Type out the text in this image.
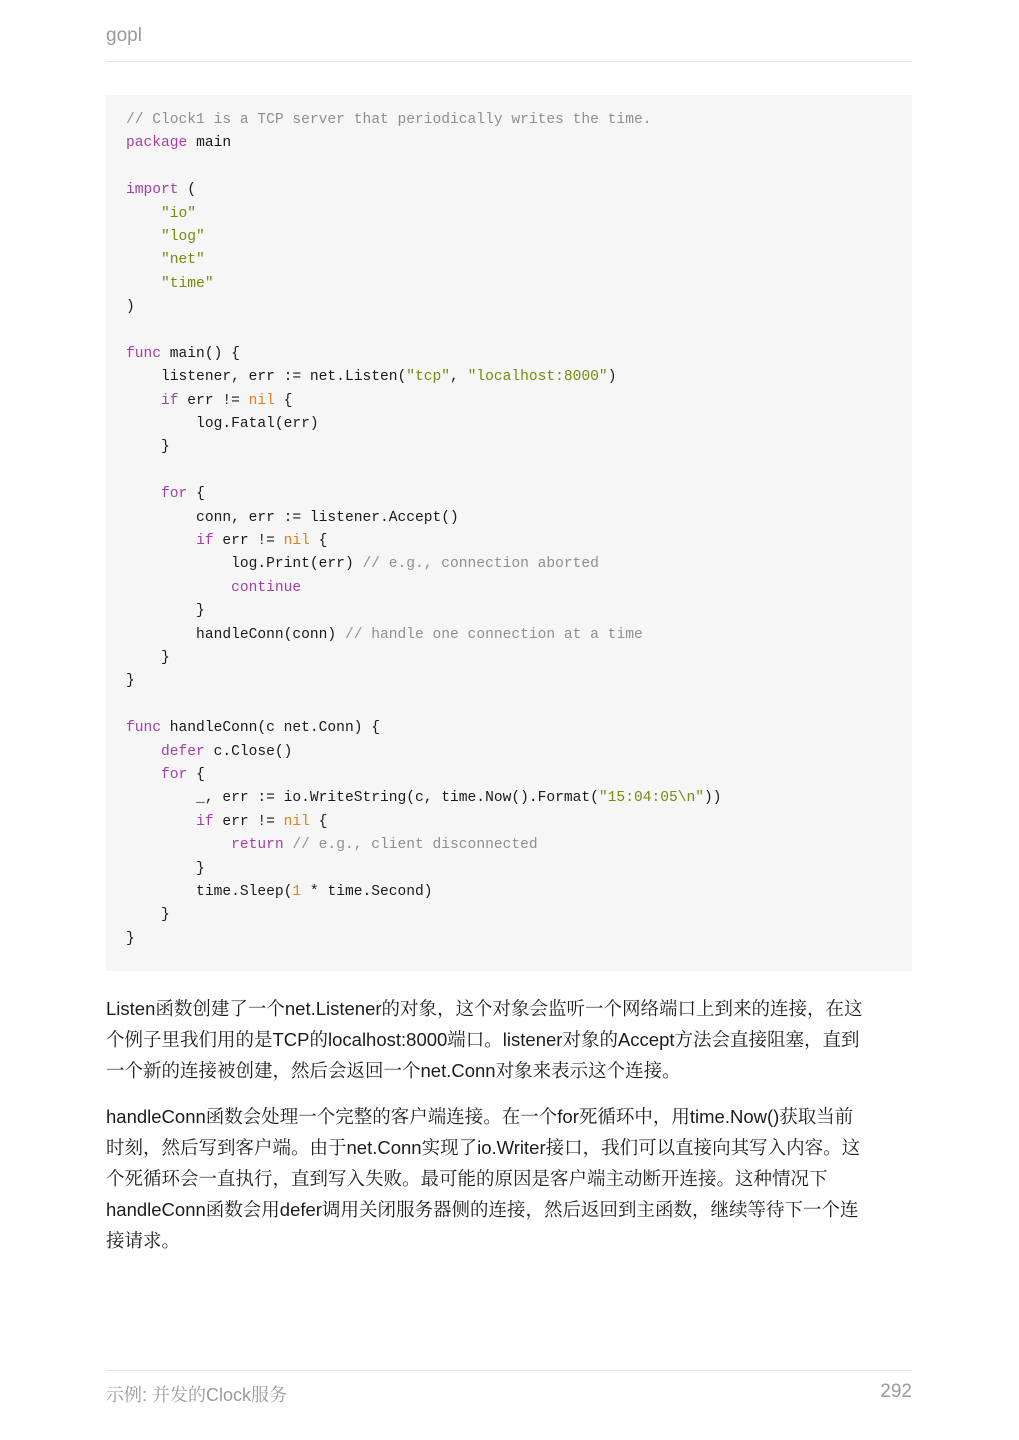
gopl
// Clock1 is a TCP server that periodically writes the time.
package main
import (
"io"
"log"
"net"
"time"
)
func main() {
listener, err := net.Listen("tcp", "localhost:8000")
if err != nil {
log.Fatal(err)
}
for {
conn, err := listener.Accept()
if err != nil {
log.Print(err) // e.g., connection aborted
continue
}
handleConn(conn) // handle one connection at a time
}
}
func handleConn(c net.Conn) {
defer c.Close()
for {
_, err := io.WriteString(c, time.Now().Format("15:04:05\n"))
if err != nil {
return // e.g., client disconnected
}
time.Sleep(1 * time.Second)
}
}
Listen函数创建了一个net.Listener的对象，这个对象会监听一个网络端口上到来的连接，在这
个例子里我们用的是TCP的localhost:8000端口。listener对象的Accept方法会直接阻塞，直到
一个新的连接被创建，然后会返回一个net.Conn对象来表示这个连接。
handleConn函数会处理一个完整的客户端连接。在一个for死循环中，用time.Now()获取当前
时刻，然后写到客户端。由于net.Conn实现了io.Writer接口，我们可以直接向其写入内容。这
个死循环会一直执行，直到写入失败。最可能的原因是客户端主动断开连接。这种情况下
handleConn函数会用defer调用关闭服务器侧的连接，然后返回到主函数，继续等待下一个连
接请求。
示例: 并发的Clock服务	292
